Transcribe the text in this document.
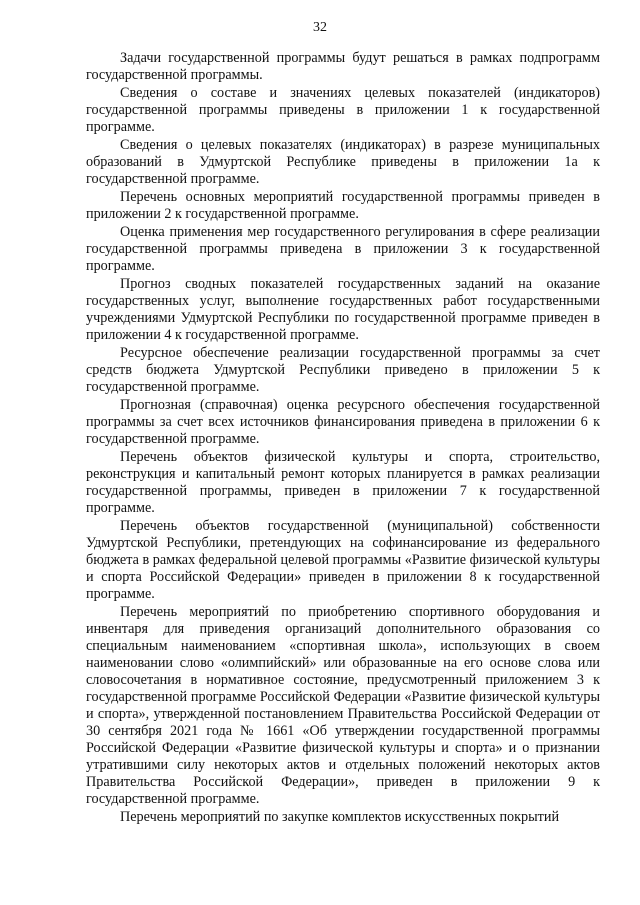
32

Задачи государственной программы будут решаться в рамках подпрограмм государственной программы.

Сведения о составе и значениях целевых показателей (индикаторов) государственной программы приведены в приложении 1 к государственной программе.

Сведения о целевых показателях (индикаторах) в разрезе муниципальных образований в Удмуртской Республике приведены в приложении 1а к государственной программе.

Перечень основных мероприятий государственной программы приведен в приложении 2 к государственной программе.

Оценка применения мер государственного регулирования в сфере реализации государственной программы приведена в приложении 3 к государственной программе.

Прогноз сводных показателей государственных заданий на оказание государственных услуг, выполнение государственных работ государственными учреждениями Удмуртской Республики по государственной программе приведен в приложении 4 к государственной программе.

Ресурсное обеспечение реализации государственной программы за счет средств бюджета Удмуртской Республики приведено в приложении 5 к государственной программе.

Прогнозная (справочная) оценка ресурсного обеспечения государственной программы за счет всех источников финансирования приведена в приложении 6 к государственной программе.

Перечень объектов физической культуры и спорта, строительство, реконструкция и капитальный ремонт которых планируется в рамках реализации государственной программы, приведен в приложении 7 к государственной программе.

Перечень объектов государственной (муниципальной) собственности Удмуртской Республики, претендующих на софинансирование из федерального бюджета в рамках федеральной целевой программы «Развитие физической культуры и спорта Российской Федерации» приведен в приложении 8 к государственной программе.

Перечень мероприятий по приобретению спортивного оборудования и инвентаря для приведения организаций дополнительного образования со специальным наименованием «спортивная школа», использующих в своем наименовании слово «олимпийский» или образованные на его основе слова или словосочетания в нормативное состояние, предусмотренный приложением 3 к государственной программе Российской Федерации «Развитие физической культуры и спорта», утвержденной постановлением Правительства Российской Федерации от 30 сентября 2021 года № 1661 «Об утверждении государственной программы Российской Федерации «Развитие физической культуры и спорта» и о признании утратившими силу некоторых актов и отдельных положений некоторых актов Правительства Российской Федерации», приведен в приложении 9 к государственной программе.

Перечень мероприятий по закупке комплектов искусственных покрытий
